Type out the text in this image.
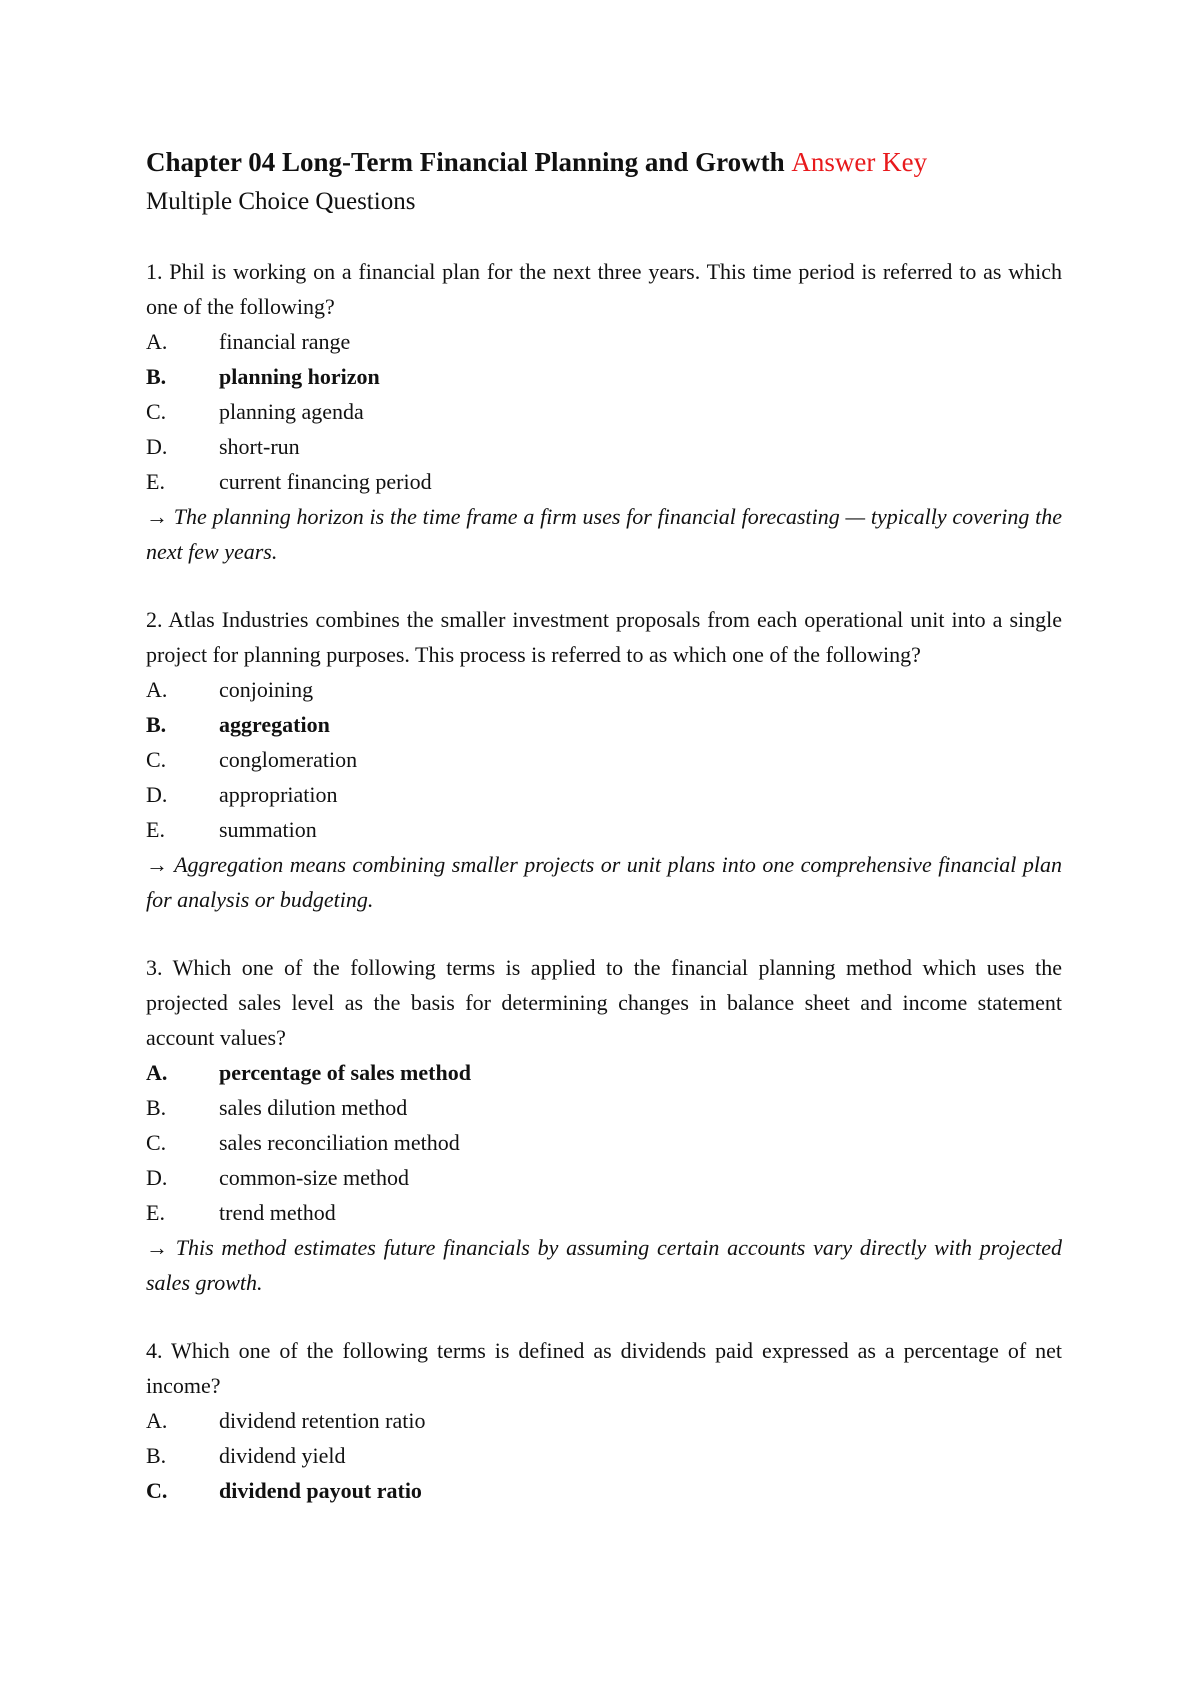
Chapter 04 Long-Term Financial Planning and Growth Answer Key

Multiple Choice Questions

1. Phil is working on a financial plan for the next three years. This time period is referred to as which one of the following?

A.	financial range
B.	planning horizon
C.	planning agenda
D.	short-run
E.	current financing period

→ The planning horizon is the time frame a firm uses for financial forecasting — typically covering the next few years.

2. Atlas Industries combines the smaller investment proposals from each operational unit into a single project for planning purposes. This process is referred to as which one of the following?

A.	conjoining
B.	aggregation
C.	conglomeration
D.	appropriation
E.	summation

→ Aggregation means combining smaller projects or unit plans into one comprehensive financial plan for analysis or budgeting.

3. Which one of the following terms is applied to the financial planning method which uses the projected sales level as the basis for determining changes in balance sheet and income statement account values?

A.	percentage of sales method
B.	sales dilution method
C.	sales reconciliation method
D.	common-size method
E.	trend method

→ This method estimates future financials by assuming certain accounts vary directly with projected sales growth.

4. Which one of the following terms is defined as dividends paid expressed as a percentage of net income?

A.	dividend retention ratio
B.	dividend yield
C.	dividend payout ratio
